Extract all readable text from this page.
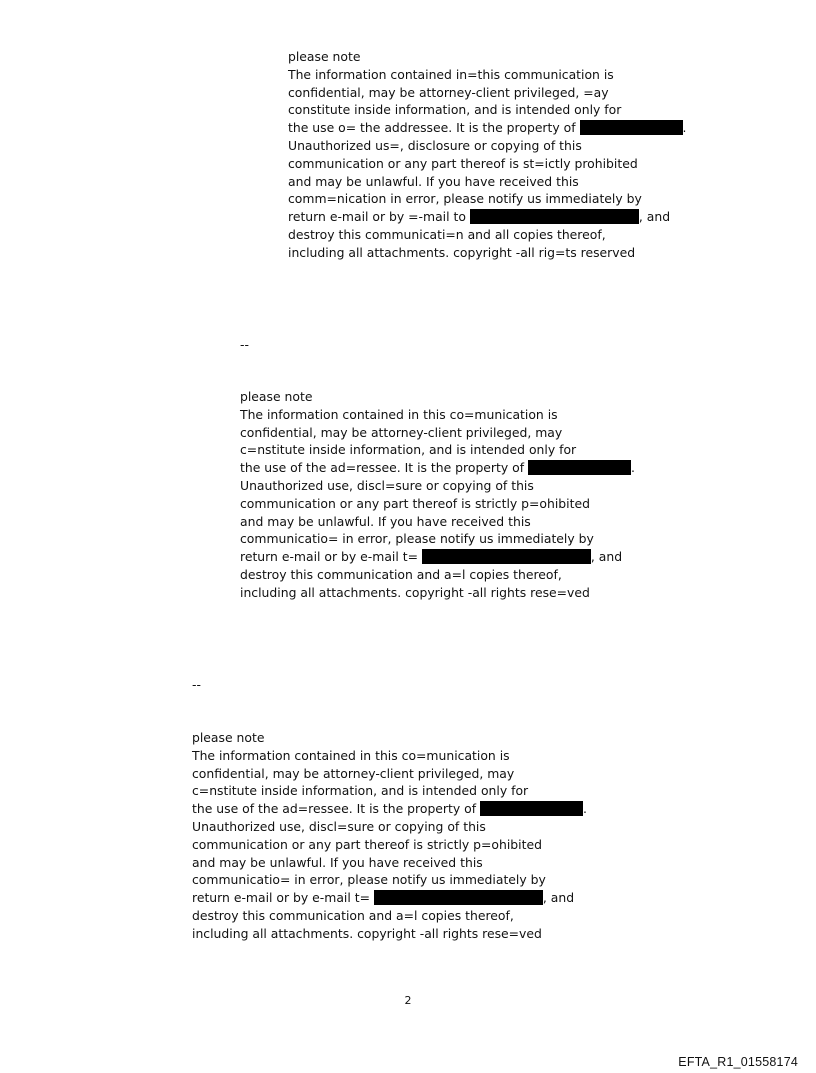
please note
The information contained in=this communication is
confidential, may be attorney-client privileged, =ay
constitute inside information, and is intended only for
the use o= the addressee. It is the property of	.
Unauthorized us=, disclosure or copying of this
communication or any part thereof is st=ictly prohibited
and may be unlawful. If you have received this
comm=nication in error, please notify us immediately by
return e-mail or by =-mail to	, and
destroy this communicati=n and all copies thereof,
including all attachments. copyright -all rig=ts reserved
--
please note
The information contained in this co=munication is
confidential, may be attorney-client privileged, may
c=nstitute inside information, and is intended only for
the use of the ad=ressee. It is the property of	.
Unauthorized use, discl=sure or copying of this
communication or any part thereof is strictly p=ohibited
and may be unlawful. If you have received this
communicatio= in error, please notify us immediately by
return e-mail or by e-mail t=	, and
destroy this communication and a=l copies thereof,
including all attachments. copyright -all rights rese=ved
--
please note
The information contained in this co=munication is
confidential, may be attorney-client privileged, may
c=nstitute inside information, and is intended only for
the use of the ad=ressee. It is the property of	.
Unauthorized use, discl=sure or copying of this
communication or any part thereof is strictly p=ohibited
and may be unlawful. If you have received this
communicatio= in error, please notify us immediately by
return e-mail or by e-mail t=	, and
destroy this communication and a=l copies thereof,
including all attachments. copyright -all rights rese=ved
2
EFTA_R1_01558174
